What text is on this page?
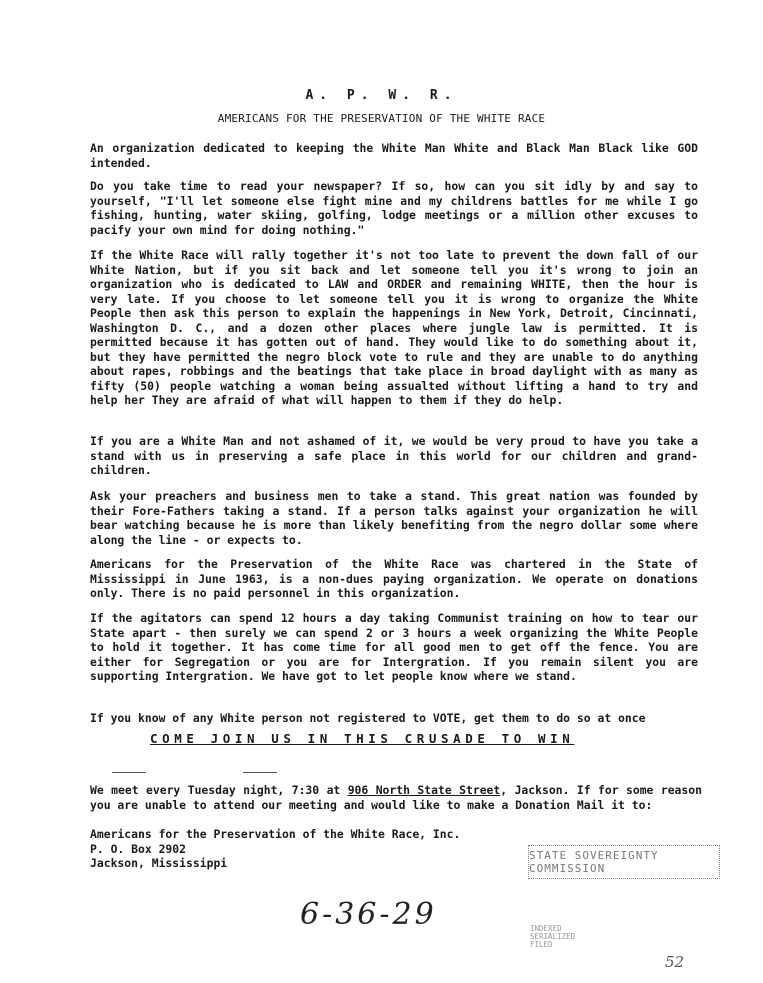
A. P. W. R.
AMERICANS FOR THE PRESERVATION OF THE WHITE RACE

An organization dedicated to keeping the White Man White and Black Man Black like GOD intended.

Do you take time to read your newspaper? If so, how can you sit idly by and say to yourself, "I'll let someone else fight mine and my childrens battles for me while I go fishing, hunting, water skiing, golfing, lodge meetings or a million other excuses to pacify your own mind for doing nothing."

If the White Race will rally together it's not too late to prevent the down fall of our White Nation, but if you sit back and let someone tell you it's wrong to join an organization who is dedicated to LAW and ORDER and remaining WHITE, then the hour is very late. If you choose to let someone tell you it is wrong to organize the White People then ask this person to explain the happenings in New York, Detroit, Cincinnati, Washington D. C., and a dozen other places where jungle law is permitted. It is permitted because it has gotten out of hand. They would like to do something about it, but they have permitted the negro block vote to rule and they are unable to do anything about rapes, robbings and the beatings that take place in broad daylight with as many as fifty (50) people watching a woman being assualted without lifting a hand to try and help her They are afraid of what will happen to them if they do help.

If you are a White Man and not ashamed of it, we would be very proud to have you take a stand with us in preserving a safe place in this world for our children and grand-children.

Ask your preachers and business men to take a stand. This great nation was founded by their Fore-Fathers taking a stand. If a person talks against your organization he will bear watching because he is more than likely benefiting from the negro dollar some where along the line - or expects to.

Americans for the Preservation of the White Race was chartered in the State of Mississippi in June 1963, is a non-dues paying organization. We operate on donations only. There is no paid personnel in this organization.

If the agitators can spend 12 hours a day taking Communist training on how to tear our State apart - then surely we can spend 2 or 3 hours a week organizing the White People to hold it together. It has come time for all good men to get off the fence. You are either for Segregation or you are for Intergration. If you remain silent you are supporting Intergration. We have got to let people know where we stand.

If you know of any White person not registered to VOTE, get them to do so at once

COME JOIN US IN THIS CRUSADE TO WIN

We meet every Tuesday night, 7:30 at 906 North State Street, Jackson. If for some reason you are unable to attend our meeting and would like to make a Donation Mail it to:

Americans for the Preservation of the White Race, Inc.
P. O. Box 2902
Jackson, Mississippi
STATE SOVEREIGNTY COMMISSION
6-36-29	INDEXED
SERIALIZED
FILED
52
